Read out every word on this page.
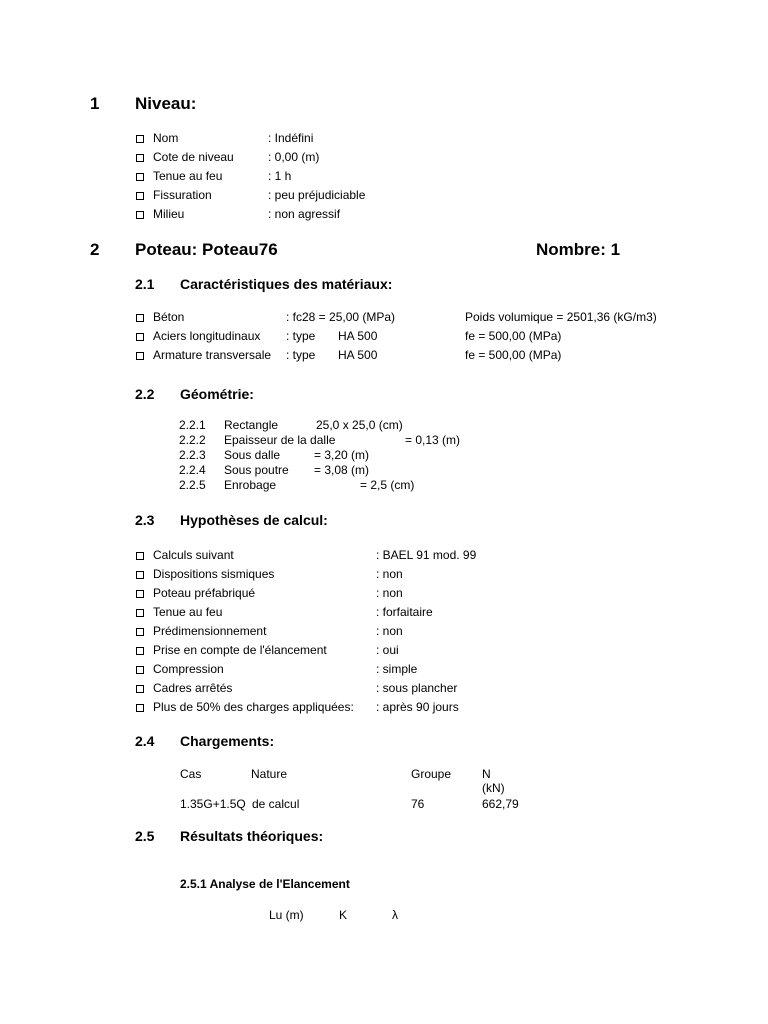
1 Niveau:
Nom	: Indéfini
Cote de niveau	: 0,00 (m)
Tenue au feu	: 1 h
Fissuration	: peu préjudiciable
Milieu	: non agressif
2 Poteau: Poteau76	Nombre: 1
2.1 Caractéristiques des matériaux:
Béton	: fc28 = 25,00 (MPa)	Poids volumique = 2501,36 (kG/m3)
Aciers longitudinaux : type HA 500	fe = 500,00 (MPa)
Armature transversale : type HA 500	fe = 500,00 (MPa)
2.2 Géométrie:
2.2.1 Rectangle	25,0 x 25,0 (cm)
2.2.2 Epaisseur de la dalle	= 0,13 (m)
2.2.3 Sous dalle	= 3,20 (m)
2.2.4 Sous poutre = 3,08 (m)
2.2.5 Enrobage	= 2,5 (cm)
2.3 Hypothèses de calcul:
Calculs suivant	: BAEL 91 mod. 99
Dispositions sismiques	: non
Poteau préfabriqué	: non
Tenue au feu	: forfaitaire
Prédimensionnement	: non
Prise en compte de l'élancement	: oui
Compression	: simple
Cadres arrêtés	: sous plancher
Plus de 50% des charges appliquées: : après 90 jours
2.4 Chargements:
Cas	Nature	Groupe	N
(kN)
1.35G+1.5Q de calcul	76	662,79
2.5 Résultats théoriques:
2.5.1 Analyse de l'Elancement
Lu (m)	K	λ
